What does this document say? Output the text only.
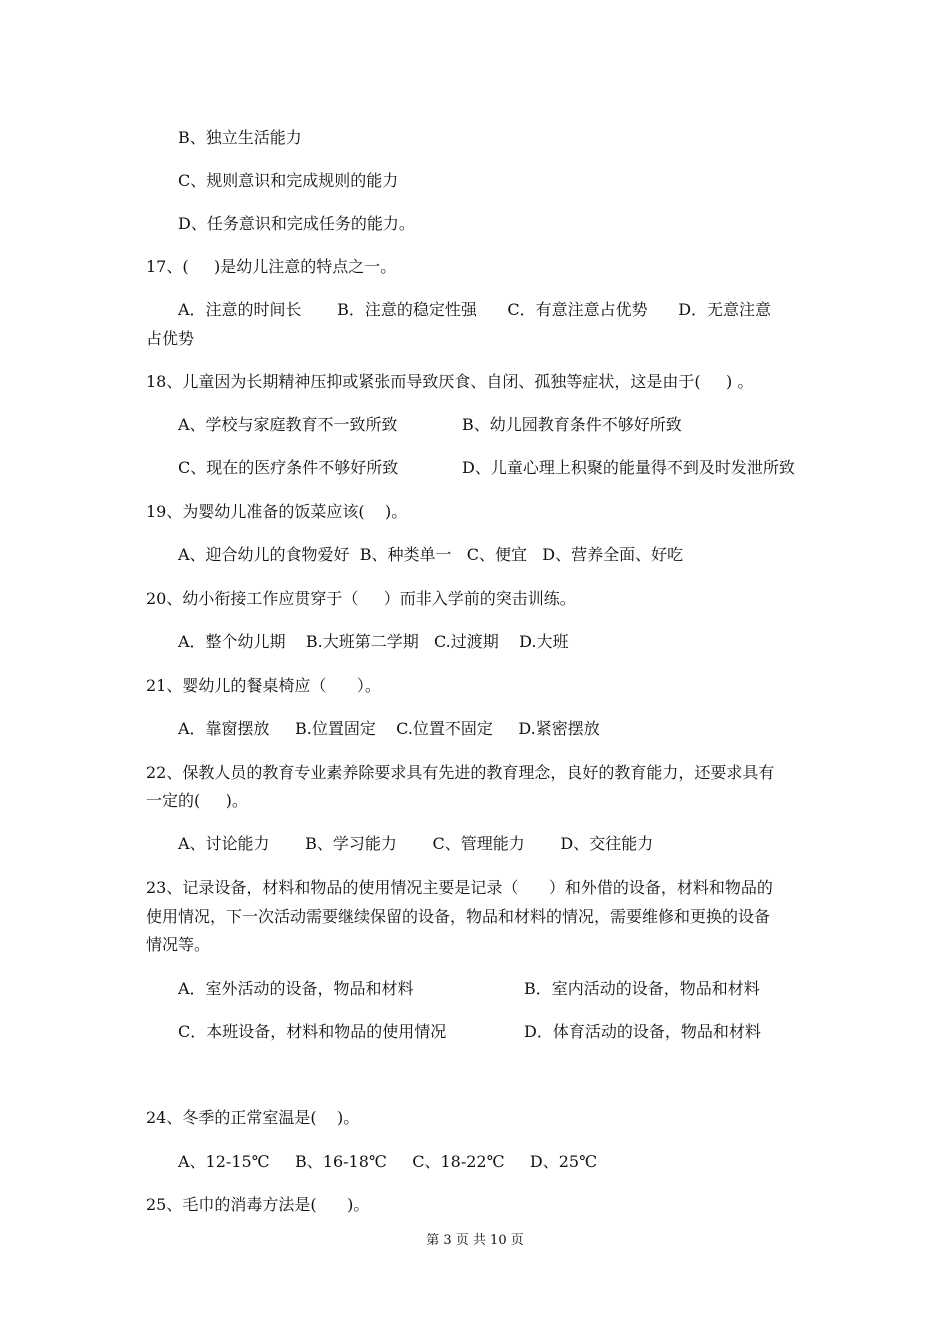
B、独立生活能力
C、规则意识和完成规则的能力
D、任务意识和完成任务的能力。
17、(     )是幼儿注意的特点之一。
A．注意的时间长       B．注意的稳定性强      C．有意注意占优势      D．无意注意
占优势
18、儿童因为长期精神压抑或紧张而导致厌食、自闭、孤独等症状，这是由于(     ) 。
A、学校与家庭教育不一致所致	B、幼儿园教育条件不够好所致
C、现在的医疗条件不够好所致	D、儿童心理上积聚的能量得不到及时发泄所致
19、为婴幼儿准备的饭菜应该(    )。
A、迎合幼儿的食物爱好  B、种类单一   C、便宜   D、营养全面、好吃
20、幼小衔接工作应贯穿于（     ）而非入学前的突击训练。
A．整个幼儿期    B.大班第二学期   C.过渡期    D.大班
21、婴幼儿的餐桌椅应（      ）。
A．靠窗摆放     B.位置固定    C.位置不固定     D.紧密摆放
22、保教人员的教育专业素养除要求具有先进的教育理念，良好的教育能力，还要求具有
一定的(     )。
A、讨论能力       B、学习能力       C、管理能力       D、交往能力
23、记录设备，材料和物品的使用情况主要是记录（      ）和外借的设备，材料和物品的
使用情况，下一次活动需要继续保留的设备，物品和材料的情况，需要维修和更换的设备
情况等。
A．室外活动的设备，物品和材料	B．室内活动的设备，物品和材料
C．本班设备，材料和物品的使用情况	D．体育活动的设备，物品和材料
24、冬季的正常室温是(    )。
A、12-15℃     B、16-18℃     C、18-22℃     D、25℃
25、毛巾的消毒方法是(      )。
第 3 页 共 10 页
